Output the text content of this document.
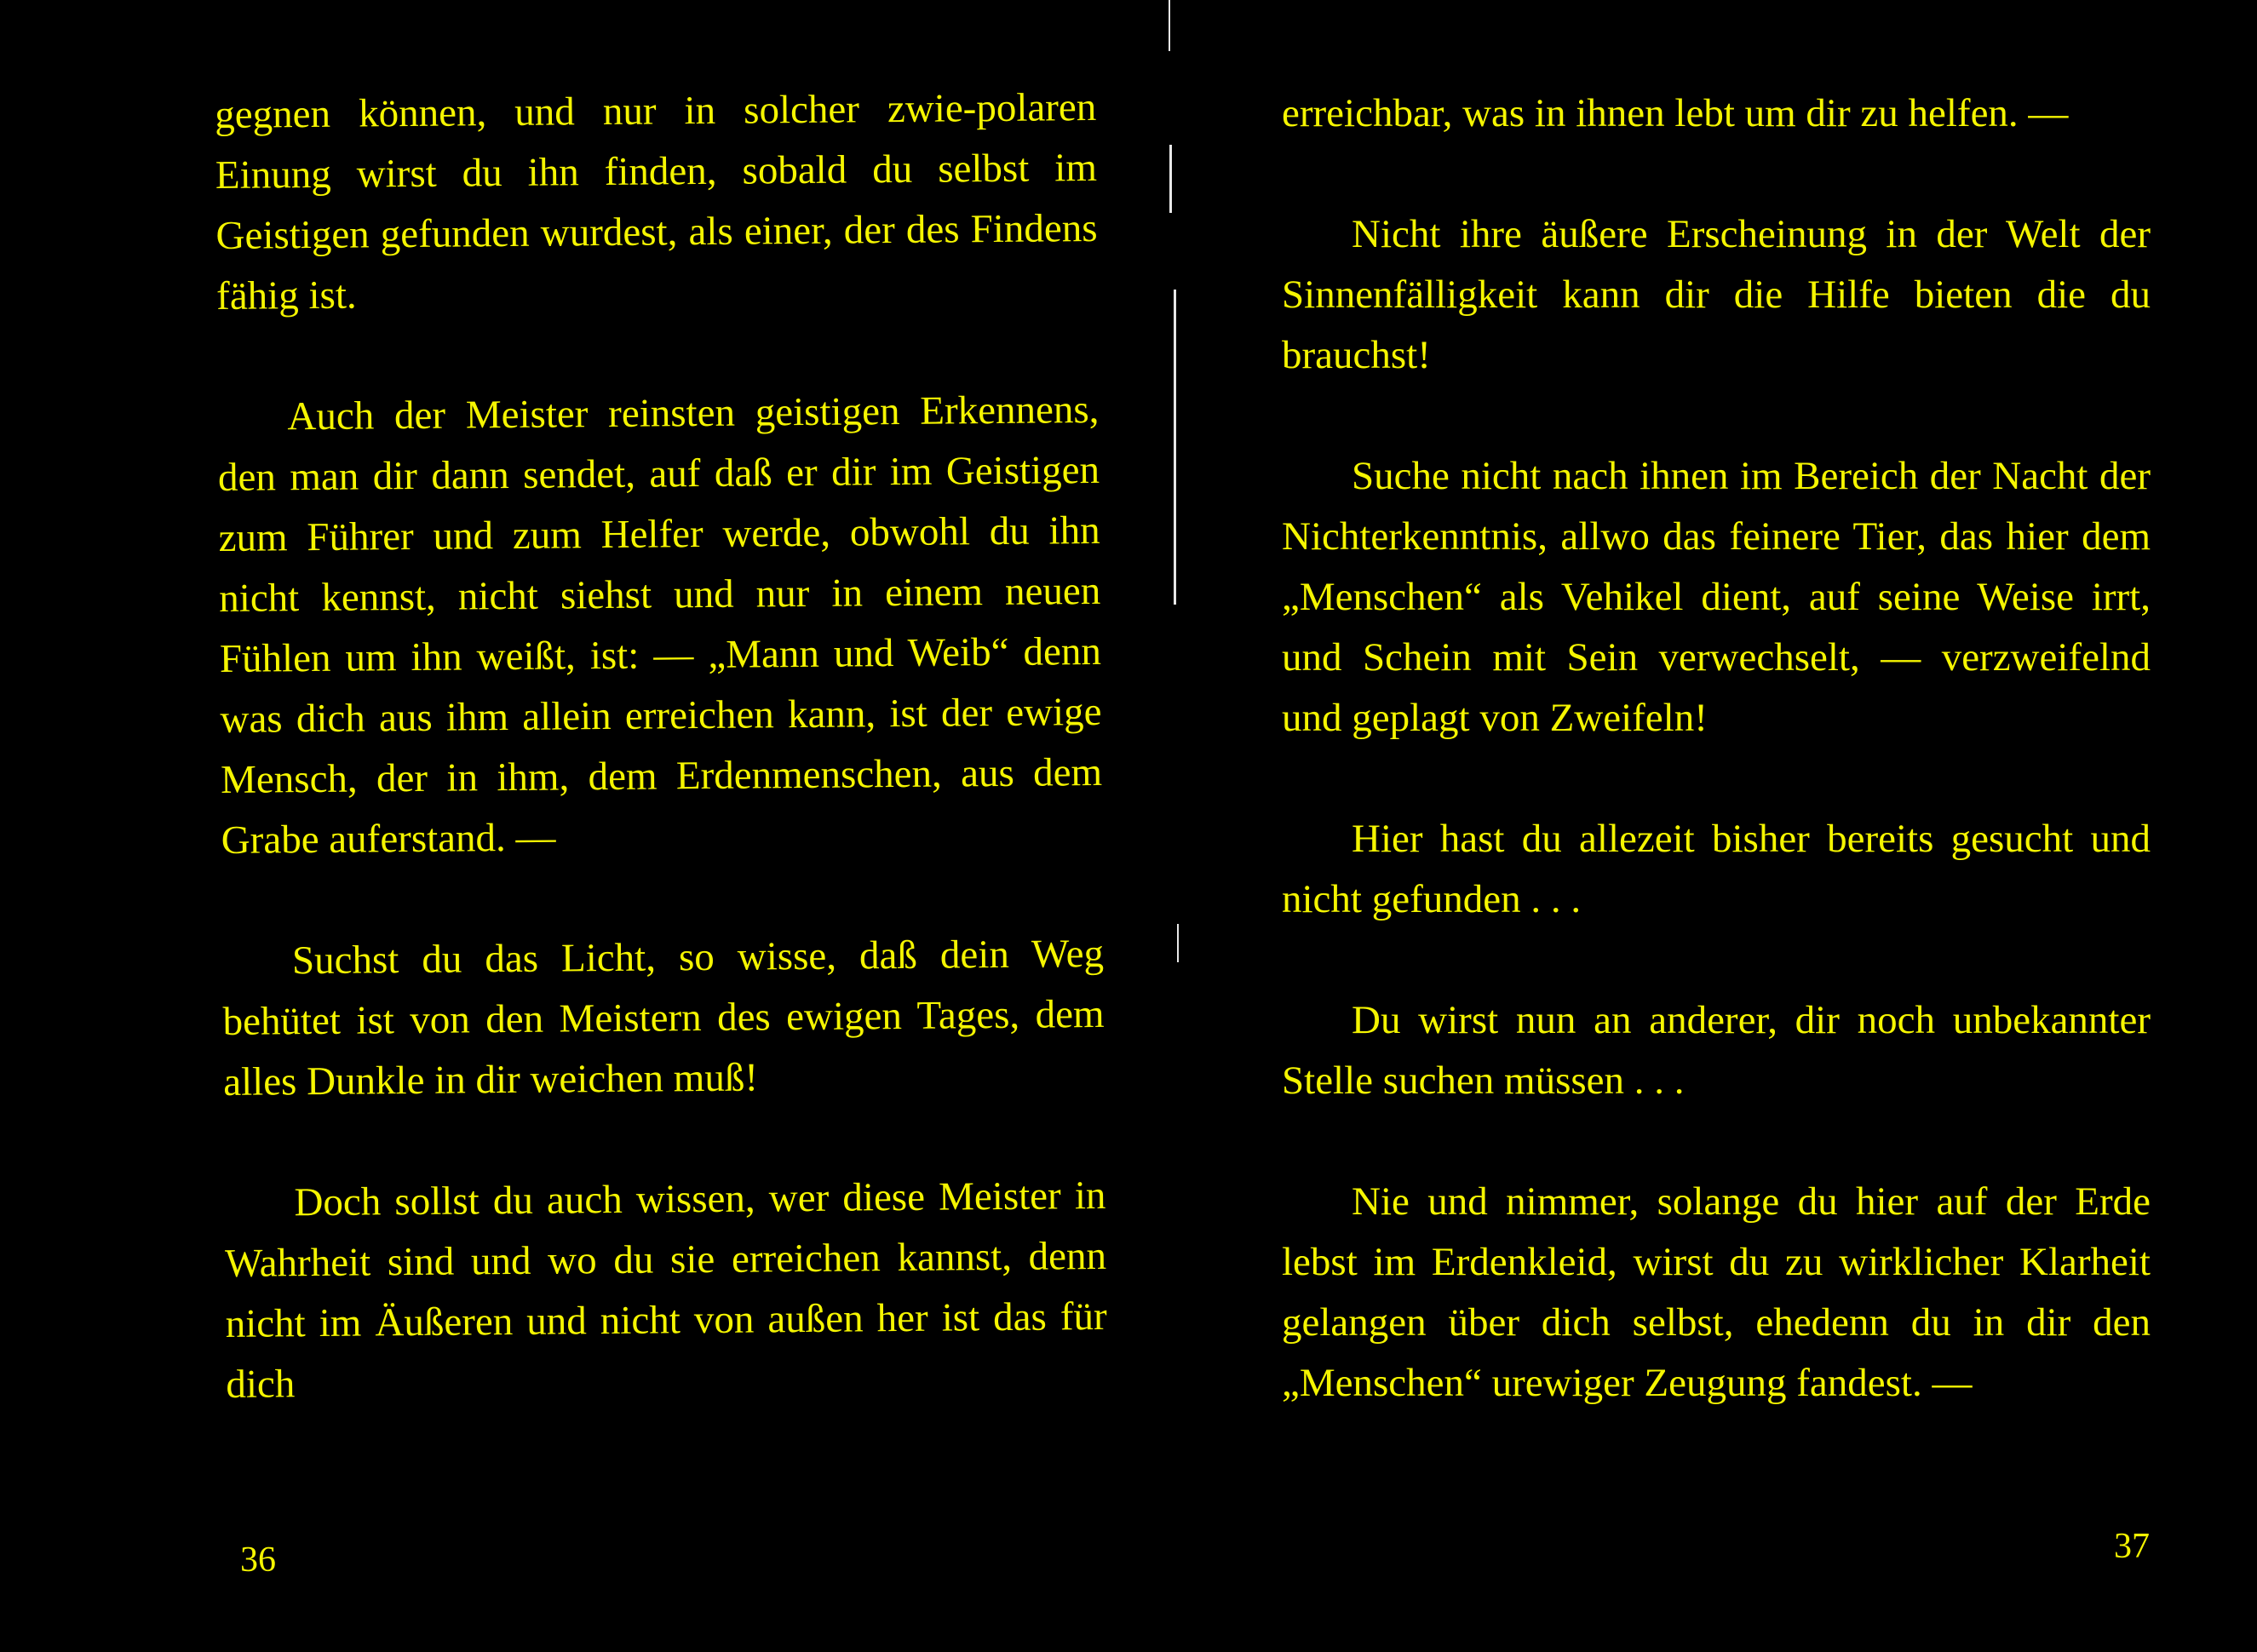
gegnen können, und nur in solcher zwie-polaren Einung wirst du ihn finden, sobald du selbst im Geistigen gefunden wurdest, als einer, der des Findens fähig ist.

Auch der Meister reinsten geistigen Erkennens, den man dir dann sendet, auf daß er dir im Geistigen zum Führer und zum Helfer werde, obwohl du ihn nicht kennst, nicht siehst und nur in einem neuen Fühlen um ihn weißt, ist: — „Mann und Weib“ denn was dich aus ihm allein erreichen kann, ist der ewige Mensch, der in ihm, dem Erdenmenschen, aus dem Grabe auferstand. —

Suchst du das Licht, so wisse, daß dein Weg behütet ist von den Meistern des ewigen Tages, dem alles Dunkle in dir weichen muß!

Doch sollst du auch wissen, wer diese Meister in Wahrheit sind und wo du sie erreichen kannst, denn nicht im Äußeren und nicht von außen her ist das für dich

36

erreichbar, was in ihnen lebt um dir zu helfen. —

Nicht ihre äußere Erscheinung in der Welt der Sinnenfälligkeit kann dir die Hilfe bieten die du brauchst!

Suche nicht nach ihnen im Bereich der Nacht der Nichterkenntnis, allwo das feinere Tier, das hier dem „Menschen“ als Vehikel dient, auf seine Weise irrt, und Schein mit Sein verwechselt, — verzweifelnd und geplagt von Zweifeln!

Hier hast du allezeit bisher bereits gesucht und nicht gefunden . . .

Du wirst nun an anderer, dir noch unbekannter Stelle suchen müssen . . .

Nie und nimmer, solange du hier auf der Erde lebst im Erdenkleid, wirst du zu wirklicher Klarheit gelangen über dich selbst, ehedenn du in dir den „Menschen“ urewiger Zeugung fandest. —

37
